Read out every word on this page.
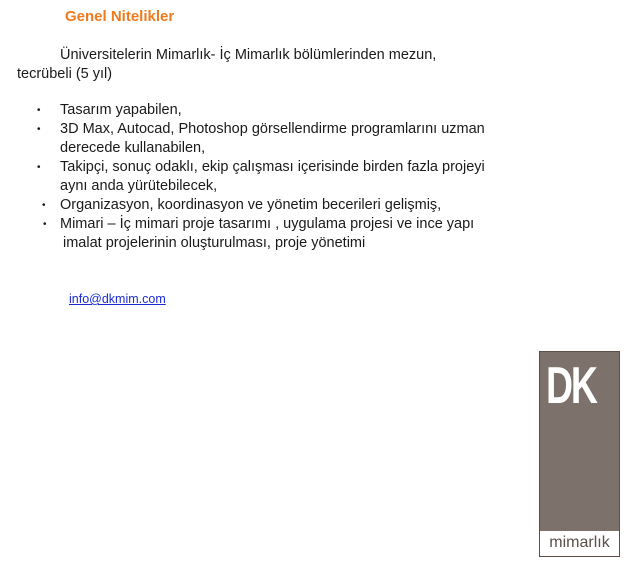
Genel Nitelikler

Üniversitelerin Mimarlık- İç Mimarlık bölümlerinden mezun,
tecrübeli (5 yıl)

• Tasarım yapabilen,
• 3D Max, Autocad, Photoshop görsellendirme programlarını uzman
derecede kullanabilen,
• Takipçi, sonuç odaklı, ekip çalışması içerisinde birden fazla projeyi
aynı anda yürütebilecek,
• Organizasyon, koordinasyon ve yönetim becerileri gelişmiş,
• Mimari – İç mimari proje tasarımı , uygulama projesi ve ince yapı
imalat projelerinin oluşturulması, proje yönetimi
info@dkmim.com
DK
mimarlık
